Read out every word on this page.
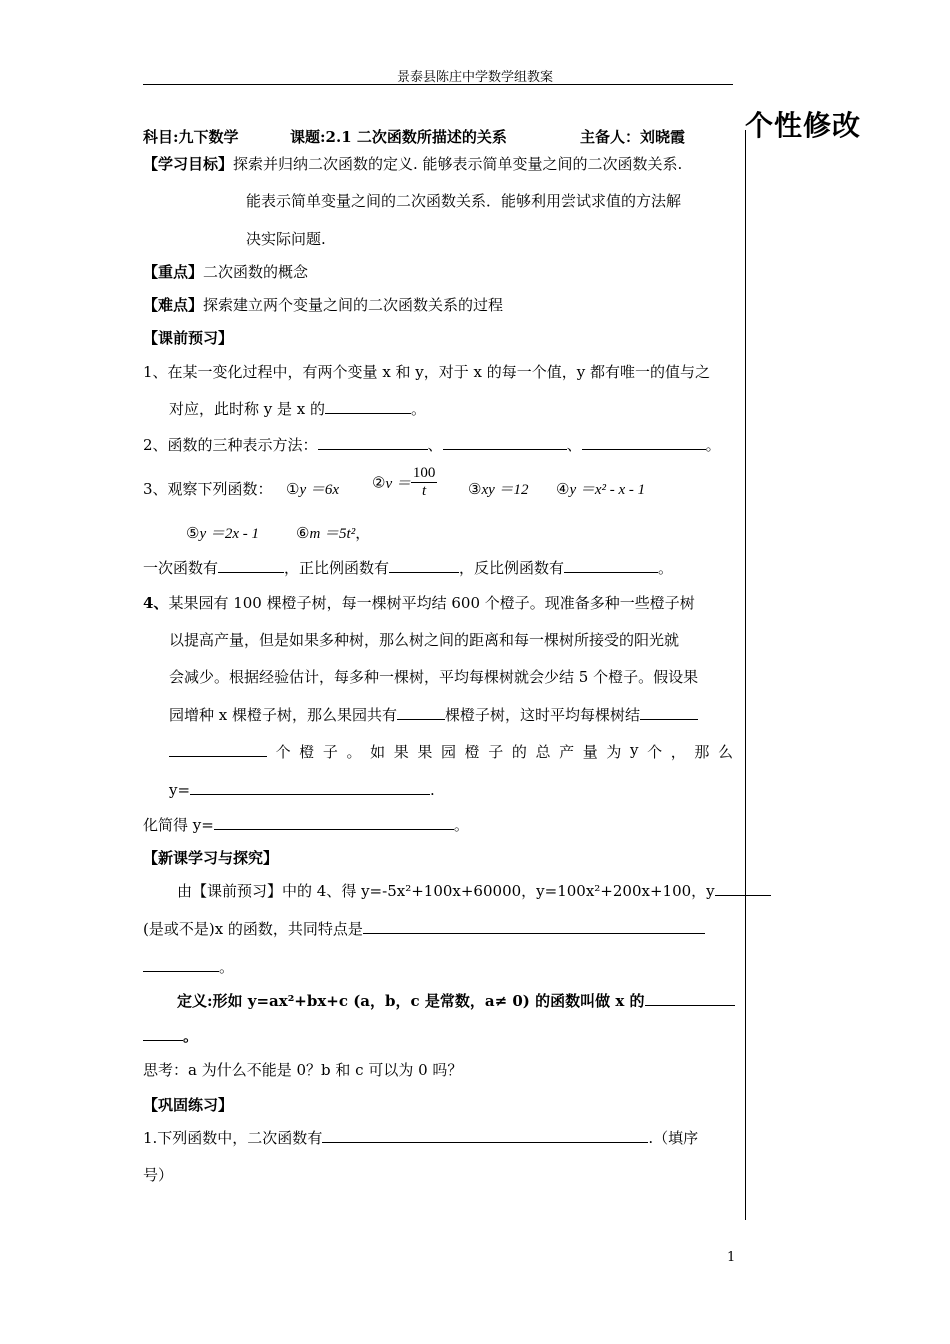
景泰县陈庄中学数学组教案
个性修改
科目:九下数学	课题:2.1 二次函数所描述的关系	主备人：刘晓霞
【学习目标】探索并归纳二次函数的定义. 能够表示简单变量之间的二次函数关系.
能表示简单变量之间的二次函数关系．能够利用尝试求值的方法解
决实际问题.
【重点】二次函数的概念
【难点】探索建立两个变量之间的二次函数关系的过程
【课前预习】
1、在某一变化过程中，有两个变量 x 和 y，对于 x 的每一个值，y 都有唯一的值与之
对应，此时称 y 是 x 的	。
2、函数的三种表示方法：	、	、	。
3、观察下列函数： ①y ＝6x ②v ＝ $\frac{100}{t}$ ③xy ＝12 ④y ＝x² - x - 1
⑤y ＝2x - 1 ⑥m ＝5t²，
一次函数有	，正比例函数有	，反比例函数有	。
4、某果园有 100 棵橙子树，每一棵树平均结 600 个橙子。现准备多种一些橙子树
以提高产量，但是如果多种树，那么树之间的距离和每一棵树所接受的阳光就
会减少。根据经验估计，每多种一棵树，平均每棵树就会少结 5 个橙子。假设果
园增种 x 棵橙子树，那么果园共有	棵橙子树，这时平均每棵树结
个 橙 子 。 如 果 果 园 橙 子 的 总 产 量 为 y 个 ， 那 么
y=	.
化简得 y=	。
【新课学习与探究】
由【课前预习】中的 4、得 y=-5x²+100x+60000，y=100x²+200x+100，y
(是或不是)x 的函数，共同特点是
。
定义:形如 y=ax²+bx+c (a，b，c 是常数，a≠ 0) 的函数叫做 x 的
。
思考：a 为什么不能是 0？b 和 c 可以为 0 吗？
【巩固练习】
1.下列函数中，二次函数有	.（填序
号）
1
